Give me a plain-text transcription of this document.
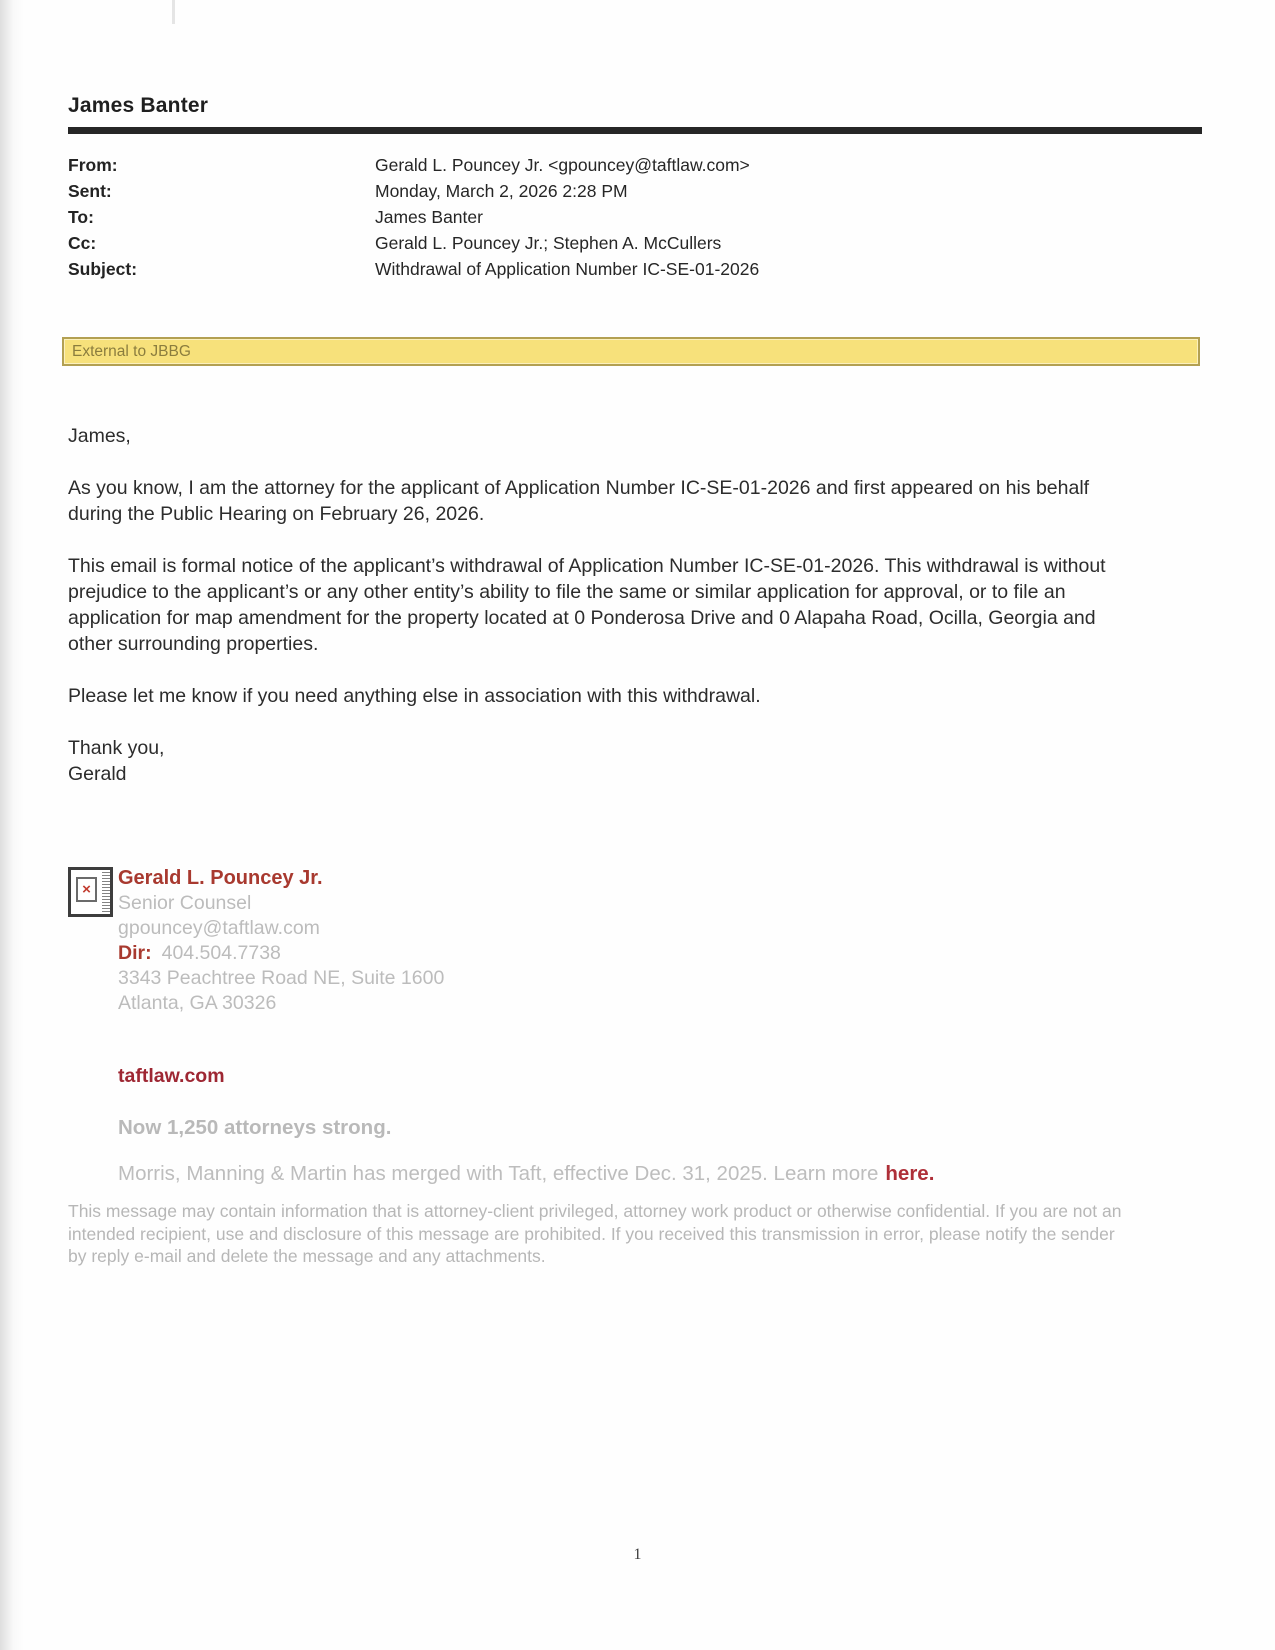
James Banter
From:	Gerald L. Pouncey Jr. <gpouncey@taftlaw.com>
Sent:	Monday, March 2, 2026 2:28 PM
To:	James Banter
Cc:	Gerald L. Pouncey Jr.; Stephen A. McCullers
Subject:	Withdrawal of Application Number IC-SE-01-2026
External to JBBG

James,

As you know, I am the attorney for the applicant of Application Number IC-SE-01-2026 and first appeared on his behalf during the Public Hearing on February 26, 2026.

This email is formal notice of the applicant’s withdrawal of Application Number IC-SE-01-2026. This withdrawal is without prejudice to the applicant’s or any other entity’s ability to file the same or similar application for approval, or to file an application for map amendment for the property located at 0 Ponderosa Drive and 0 Alapaha Road, Ocilla, Georgia and other surrounding properties.

Please let me know if you need anything else in association with this withdrawal.

Thank you,

Gerald

×
Gerald L. Pouncey Jr.
Senior Counsel
gpouncey@taftlaw.com
Dir: 404.504.7738
3343 Peachtree Road NE, Suite 1600
Atlanta, GA 30326
taftlaw.com
Now 1,250 attorneys strong.
Morris, Manning & Martin has merged with Taft, effective Dec. 31, 2025. Learn more here.
This message may contain information that is attorney-client privileged, attorney work product or otherwise confidential. If you are not an intended recipient, use and disclosure of this message are prohibited. If you received this transmission in error, please notify the sender by reply e-mail and delete the message and any attachments.
1
